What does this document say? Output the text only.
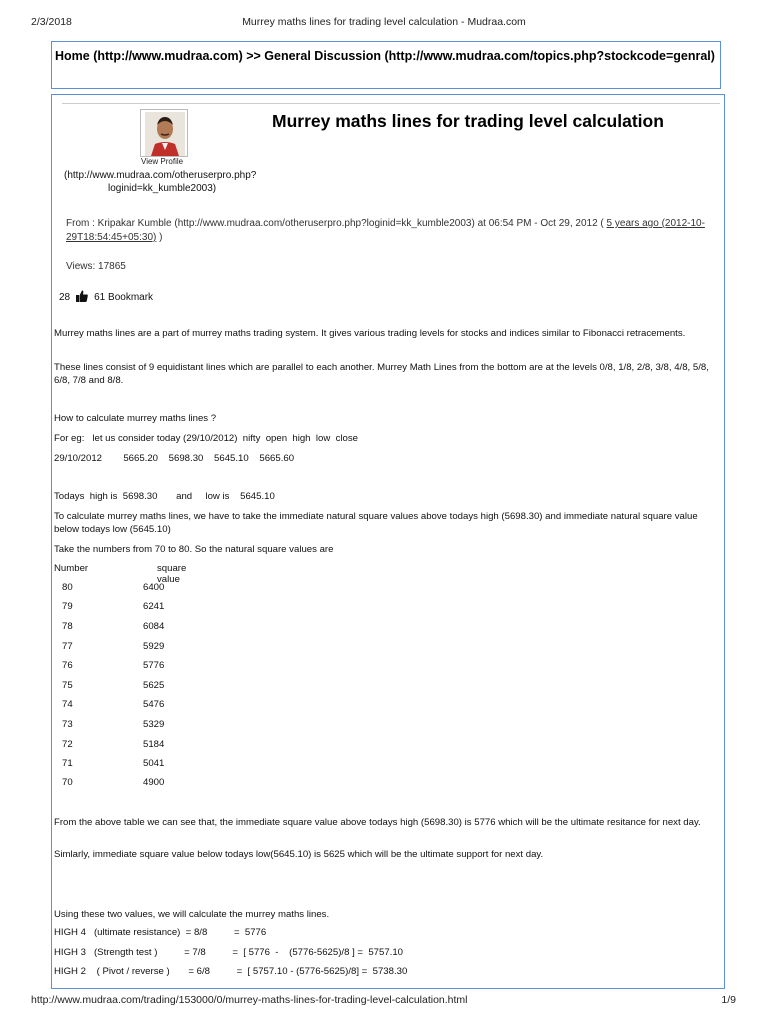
2/3/2018	Murrey maths lines for trading level calculation - Mudraa.com
Home (http://www.mudraa.com) >> General Discussion (http://www.mudraa.com/topics.php?stockcode=genral)
View Profile
(http://www.mudraa.com/otheruserpro.php?
loginid=kk_kumble2003)
Murrey maths lines for trading level calculation
From : Kripakar Kumble (http://www.mudraa.com/otheruserpro.php?loginid=kk_kumble2003) at 06:54 PM - Oct 29, 2012 ( 5 years ago (2012-10-29T18:54:45+05:30) )
Views: 17865
28 61 Bookmark
Murrey maths lines are a part of murrey maths trading system. It gives various trading levels for stocks and indices similar to Fibonacci retracements.
These lines consist of 9 equidistant lines which are parallel to each another. Murrey Math Lines from the bottom are at the levels 0/8, 1/8, 2/8, 3/8, 4/8, 5/8, 6/8, 7/8 and 8/8.
How to calculate murrey maths lines ?
For eg:   let us consider today (29/10/2012)  nifty  open  high  low  close
29/10/2012        5665.20    5698.30    5645.10    5665.60
Todays  high is  5698.30       and     low is    5645.10
To calculate murrey maths lines, we have to take the immediate natural square values above todays high (5698.30) and immediate natural square value below todays low (5645.10)
Take the numbers from 70 to 80. So the natural square values are
Number	square value
80	6400
79	6241
78	6084
77	5929
76	5776
75	5625
74	5476
73	5329
72	5184
71	5041
70	4900
From the above table we can see that, the immediate square value above todays high (5698.30) is 5776 which will be the ultimate resitance for next day.
Simlarly, immediate square value below todays low(5645.10) is 5625 which will be the ultimate support for next day.
Using these two values, we will calculate the murrey maths lines.
HIGH 4   (ultimate resistance)  = 8/8          =  5776
HIGH 3   (Strength test )          = 7/8          =  [ 5776  -    (5776-5625)/8 ] =  5757.10
HIGH 2    ( Pivot / reverse )       = 6/8          =  [ 5757.10 - (5776-5625)/8] =  5738.30
http://www.mudraa.com/trading/153000/0/murrey-maths-lines-for-trading-level-calculation.html	1/9
